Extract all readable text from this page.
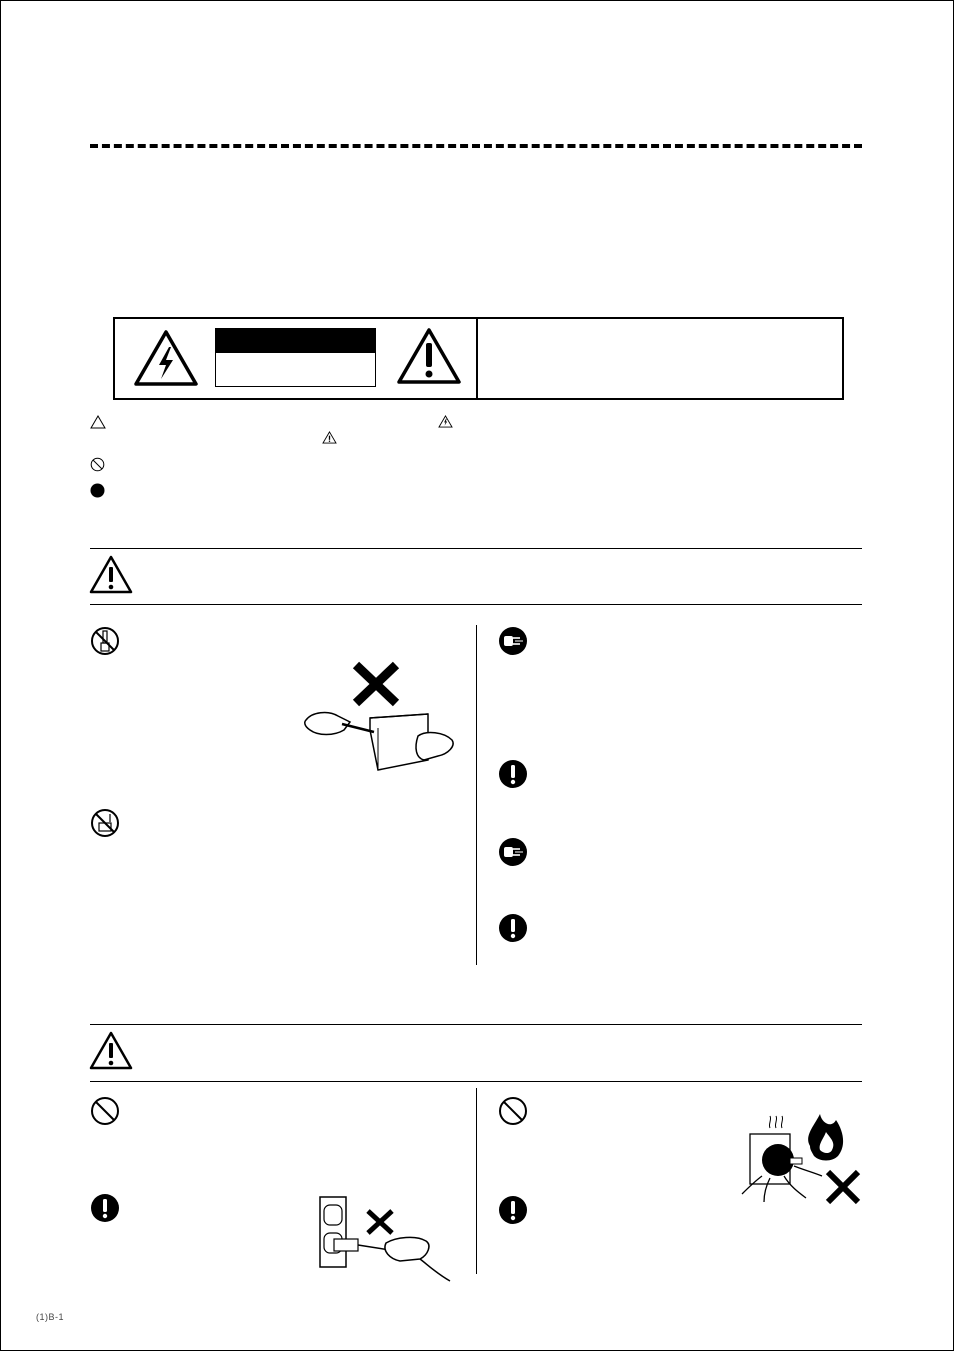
(1)B-1
